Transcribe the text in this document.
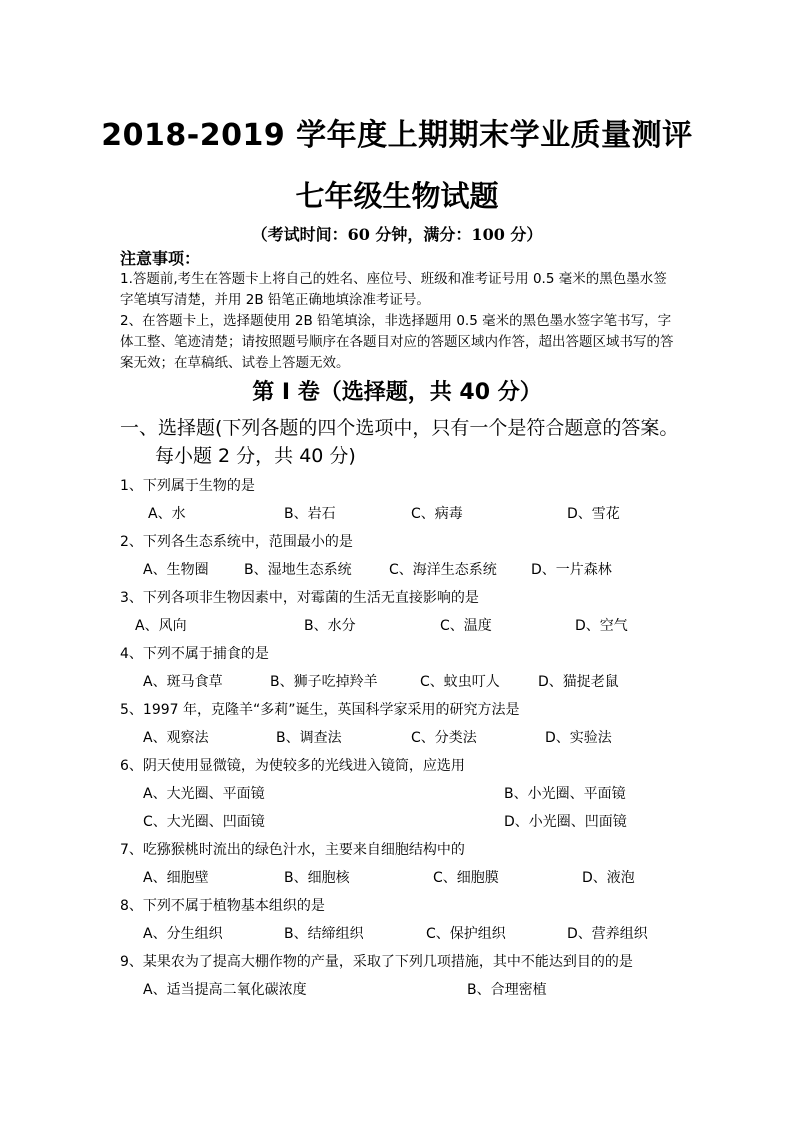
2018-2019 学年度上期期末学业质量测评
七年级生物试题
（考试时间：60 分钟，满分：100 分）
注意事项：
1.答题前,考生在答题卡上将自己的姓名、座位号、班级和准考证号用 0.5 毫米的黑色墨水签字笔填写清楚，并用 2B 铅笔正确地填涂准考证号。
2、在答题卡上，选择题使用 2B 铅笔填涂，非选择题用 0.5 毫米的黑色墨水签字笔书写，字体工整、笔迹清楚；请按照题号顺序在各题目对应的答题区域内作答，超出答题区域书写的答案无效；在草稿纸、试卷上答题无效。
第 I 卷（选择题，共 40 分）
一、选择题(下列各题的四个选项中，只有一个是符合题意的答案。
每小题 2 分，共 40 分)
1、下列属于生物的是
A、水	B、岩石	C、病毒	D、雪花
2、下列各生态系统中，范围最小的是
A、生物圈	B、湿地生态系统	C、海洋生态系统 D、一片森林
3、下列各项非生物因素中，对霉菌的生活无直接影响的是
A、风向	B、水分	C、温度	D、空气
4、下列不属于捕食的是
A、斑马食草	B、狮子吃掉羚羊	C、蚊虫叮人	D、猫捉老鼠
5、1997 年，克隆羊“多莉”诞生，英国科学家采用的研究方法是
A、观察法	B、调查法	C、分类法	D、实验法
6、阴天使用显微镜，为使较多的光线进入镜筒，应选用
A、大光圈、平面镜	B、小光圈、平面镜
C、大光圈、凹面镜	D、小光圈、凹面镜
7、吃猕猴桃时流出的绿色汁水，主要来自细胞结构中的
A、细胞壁	B、细胞核	C、细胞膜	D、液泡
8、下列不属于植物基本组织的是
A、分生组织	B、结缔组织	C、保护组织	D、营养组织
9、某果农为了提高大棚作物的产量，采取了下列几项措施，其中不能达到目的的是
A、适当提高二氧化碳浓度	B、合理密植
